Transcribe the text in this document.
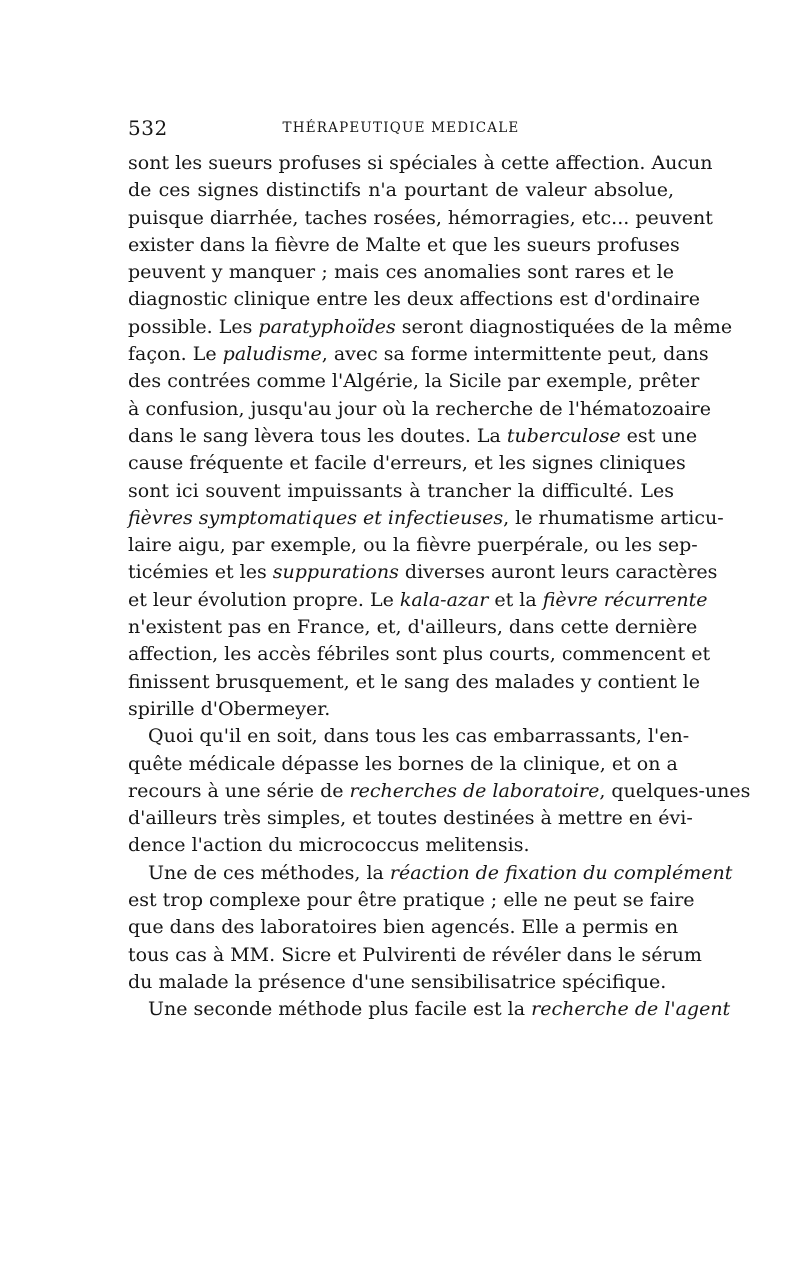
532	THÉRAPEUTIQUE MEDICALE

sont les sueurs profuses si spéciales à cette affection. Aucun
de ces signes distinctifs n'a pourtant de valeur absolue,
puisque diarrhée, taches rosées, hémorragies, etc... peuvent
exister dans la fièvre de Malte et que les sueurs profuses
peuvent y manquer ; mais ces anomalies sont rares et le
diagnostic clinique entre les deux affections est d'ordinaire
possible. Les paratyphoïdes seront diagnostiquées de la même
façon. Le paludisme, avec sa forme intermittente peut, dans
des contrées comme l'Algérie, la Sicile par exemple, prêter
à confusion, jusqu'au jour où la recherche de l'hématozoaire
dans le sang lèvera tous les doutes. La tuberculose est une
cause fréquente et facile d'erreurs, et les signes cliniques
sont ici souvent impuissants à trancher la difficulté. Les
fièvres symptomatiques et infectieuses, le rhumatisme articu-
laire aigu, par exemple, ou la fièvre puerpérale, ou les sep-
ticémies et les suppurations diverses auront leurs caractères
et leur évolution propre. Le kala-azar et la fièvre récurrente
n'existent pas en France, et, d'ailleurs, dans cette dernière
affection, les accès fébriles sont plus courts, commencent et
finissent brusquement, et le sang des malades y contient le
spirille d'Obermeyer.

Quoi qu'il en soit, dans tous les cas embarrassants, l'en-
quête médicale dépasse les bornes de la clinique, et on a
recours à une série de recherches de laboratoire, quelques-unes
d'ailleurs très simples, et toutes destinées à mettre en évi-
dence l'action du micrococcus melitensis.

Une de ces méthodes, la réaction de fixation du complément
est trop complexe pour être pratique ; elle ne peut se faire
que dans des laboratoires bien agencés. Elle a permis en
tous cas à MM. Sicre et Pulvirenti de révéler dans le sérum
du malade la présence d'une sensibilisatrice spécifique.

Une seconde méthode plus facile est la recherche de l'agent
